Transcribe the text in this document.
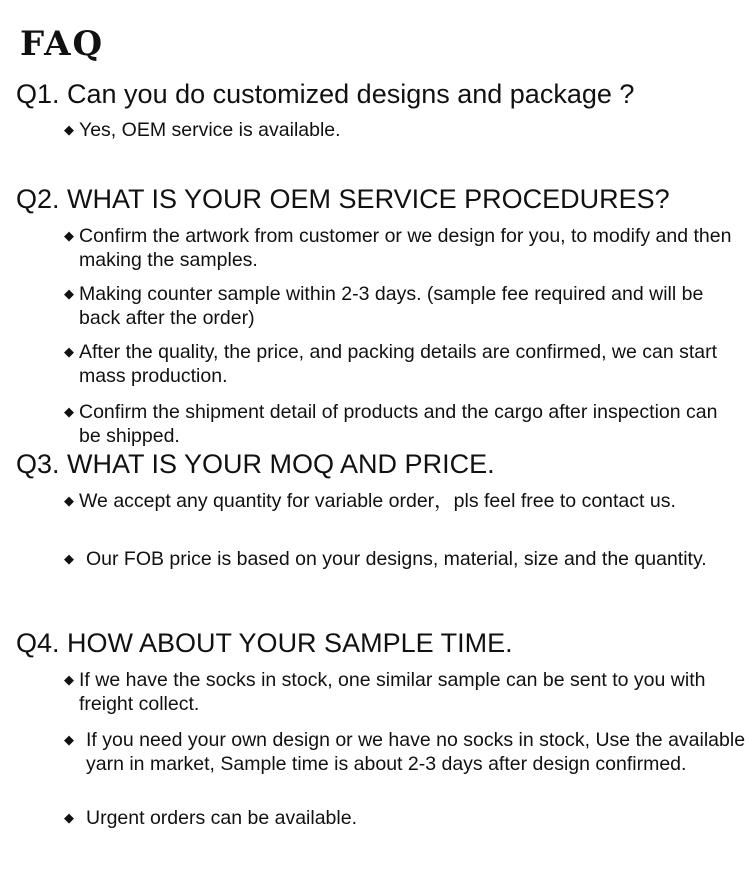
FAQ
Q1. Can you do customized designs and package ?
◆ Yes, OEM service is available.
Q2. WHAT IS YOUR OEM SERVICE PROCEDURES?
◆ Confirm the artwork from customer or we design for you, to modify and then making the samples.
◆ Making counter sample within 2-3 days. (sample fee required and will be back after the order)
◆ After the quality, the price, and packing details are confirmed, we can start mass production.
◆ Confirm the shipment detail of products and the cargo after inspection can be shipped.
Q3. WHAT IS YOUR MOQ AND PRICE.
◆ We accept any quantity for variable order，pls feel free to contact us.
◆ Our FOB price is based on your designs, material, size and the quantity.
Q4. HOW ABOUT YOUR SAMPLE TIME.
◆ If we have the socks in stock, one similar sample can be sent to you with freight collect.
◆ If you need your own design or we have no socks in stock, Use the available yarn in market, Sample time is about 2-3 days after design confirmed.
◆ Urgent orders can be available.
